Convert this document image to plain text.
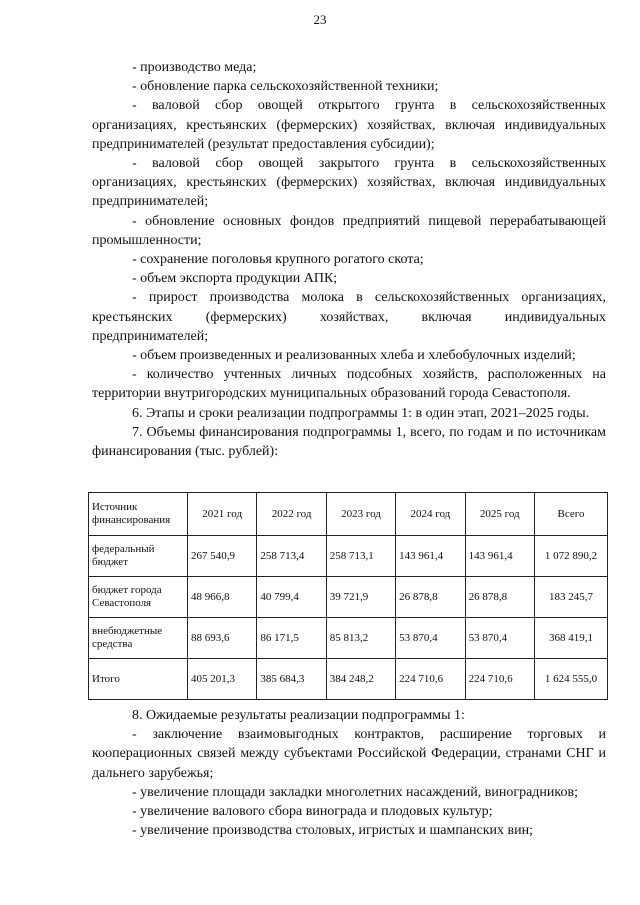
23

- производство меда;

- обновление парка сельскохозяйственной техники;

- валовой сбор овощей открытого грунта в сельскохозяйственных организациях, крестьянских (фермерских) хозяйствах, включая индивидуальных предпринимателей (результат предоставления субсидии);

- валовой сбор овощей закрытого грунта в сельскохозяйственных организациях, крестьянских (фермерских) хозяйствах, включая индивидуальных предпринимателей;

- обновление основных фондов предприятий пищевой перерабатывающей промышленности;

- сохранение поголовья крупного рогатого скота;

- объем экспорта продукции АПК;

- прирост производства молока в сельскохозяйственных организациях, крестьянских (фермерских) хозяйствах, включая индивидуальных предпринимателей;

- объем произведенных и реализованных хлеба и хлебобулочных изделий;

- количество учтенных личных подсобных хозяйств, расположенных на территории внутригородских муниципальных образований города Севастополя.

6. Этапы и сроки реализации подпрограммы 1: в один этап, 2021–2025 годы.

7. Объемы финансирования подпрограммы 1, всего, по годам и по источникам финансирования (тыс. рублей):

Источник финансирования	2021 год	2022 год	2023 год	2024 год	2025 год	Всего
федеральный бюджет	267 540,9	258 713,4	258 713,1	143 961,4	143 961,4	1 072 890,2
бюджет города Севастополя	48 966,8	40 799,4	39 721,9	26 878,8	26 878,8	183 245,7
внебюджетные средства	88 693,6	86 171,5	85 813,2	53 870,4	53 870,4	368 419,1
Итого	405 201,3	385 684,3	384 248,2	224 710,6	224 710,6	1 624 555,0

8. Ожидаемые результаты реализации подпрограммы 1:

- заключение взаимовыгодных контрактов, расширение торговых и кооперационных связей между субъектами Российской Федерации, странами СНГ и дальнего зарубежья;

- увеличение площади закладки многолетних насаждений, виноградников;

- увеличение валового сбора винограда и плодовых культур;

- увеличение производства столовых, игристых и шампанских вин;
